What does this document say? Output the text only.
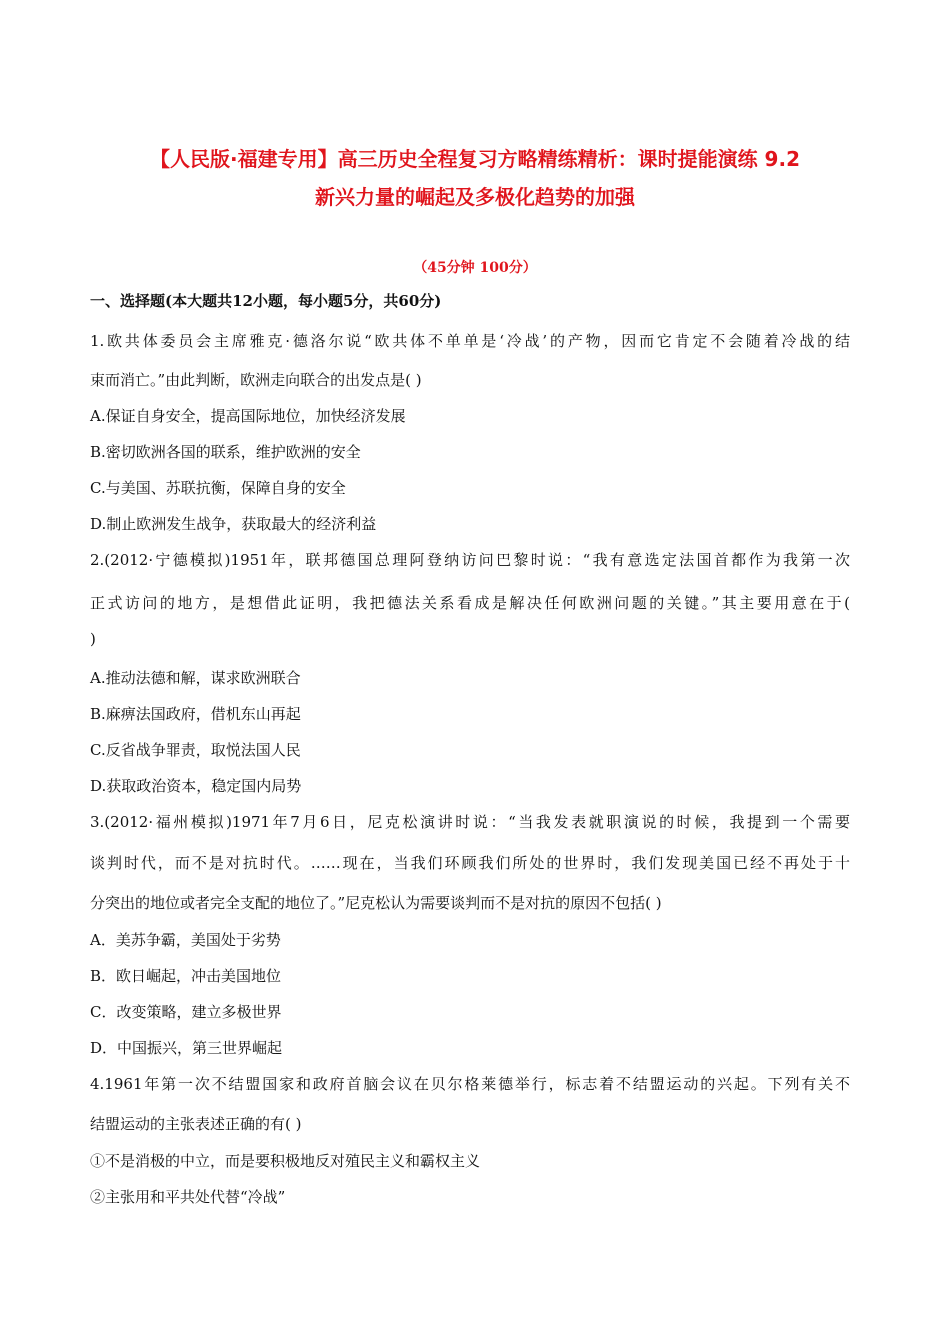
【人民版·福建专用】高三历史全程复习方略精练精析：课时提能演练 9.2
新兴力量的崛起及多极化趋势的加强
（45分钟 100分）
一、选择题(本大题共12小题，每小题5分，共60分)
1.欧共体委员会主席雅克·德洛尔说“欧共体不单单是‘冷战’的产物，因而它肯定不会随着冷战的结
束而消亡。”由此判断，欧洲走向联合的出发点是( )
A.保证自身安全，提高国际地位，加快经济发展
B.密切欧洲各国的联系，维护欧洲的安全
C.与美国、苏联抗衡，保障自身的安全
D.制止欧洲发生战争，获取最大的经济利益
2.(2012·宁德模拟)1951年，联邦德国总理阿登纳访问巴黎时说：“我有意选定法国首都作为我第一次
正式访问的地方，是想借此证明，我把德法关系看成是解决任何欧洲问题的关键。”其主要用意在于(
)
A.推动法德和解，谋求欧洲联合
B.麻痹法国政府，借机东山再起
C.反省战争罪责，取悦法国人民
D.获取政治资本，稳定国内局势
3.(2012·福州模拟)1971年7月6日，尼克松演讲时说：“当我发表就职演说的时候，我提到一个需要
谈判时代，而不是对抗时代。……现在，当我们环顾我们所处的世界时，我们发现美国已经不再处于十
分突出的地位或者完全支配的地位了。”尼克松认为需要谈判而不是对抗的原因不包括( )
A．美苏争霸，美国处于劣势
B．欧日崛起，冲击美国地位
C．改变策略，建立多极世界
D．中国振兴，第三世界崛起
4.1961年第一次不结盟国家和政府首脑会议在贝尔格莱德举行，标志着不结盟运动的兴起。下列有关不
结盟运动的主张表述正确的有( )
①不是消极的中立，而是要积极地反对殖民主义和霸权主义
②主张用和平共处代替“冷战”
